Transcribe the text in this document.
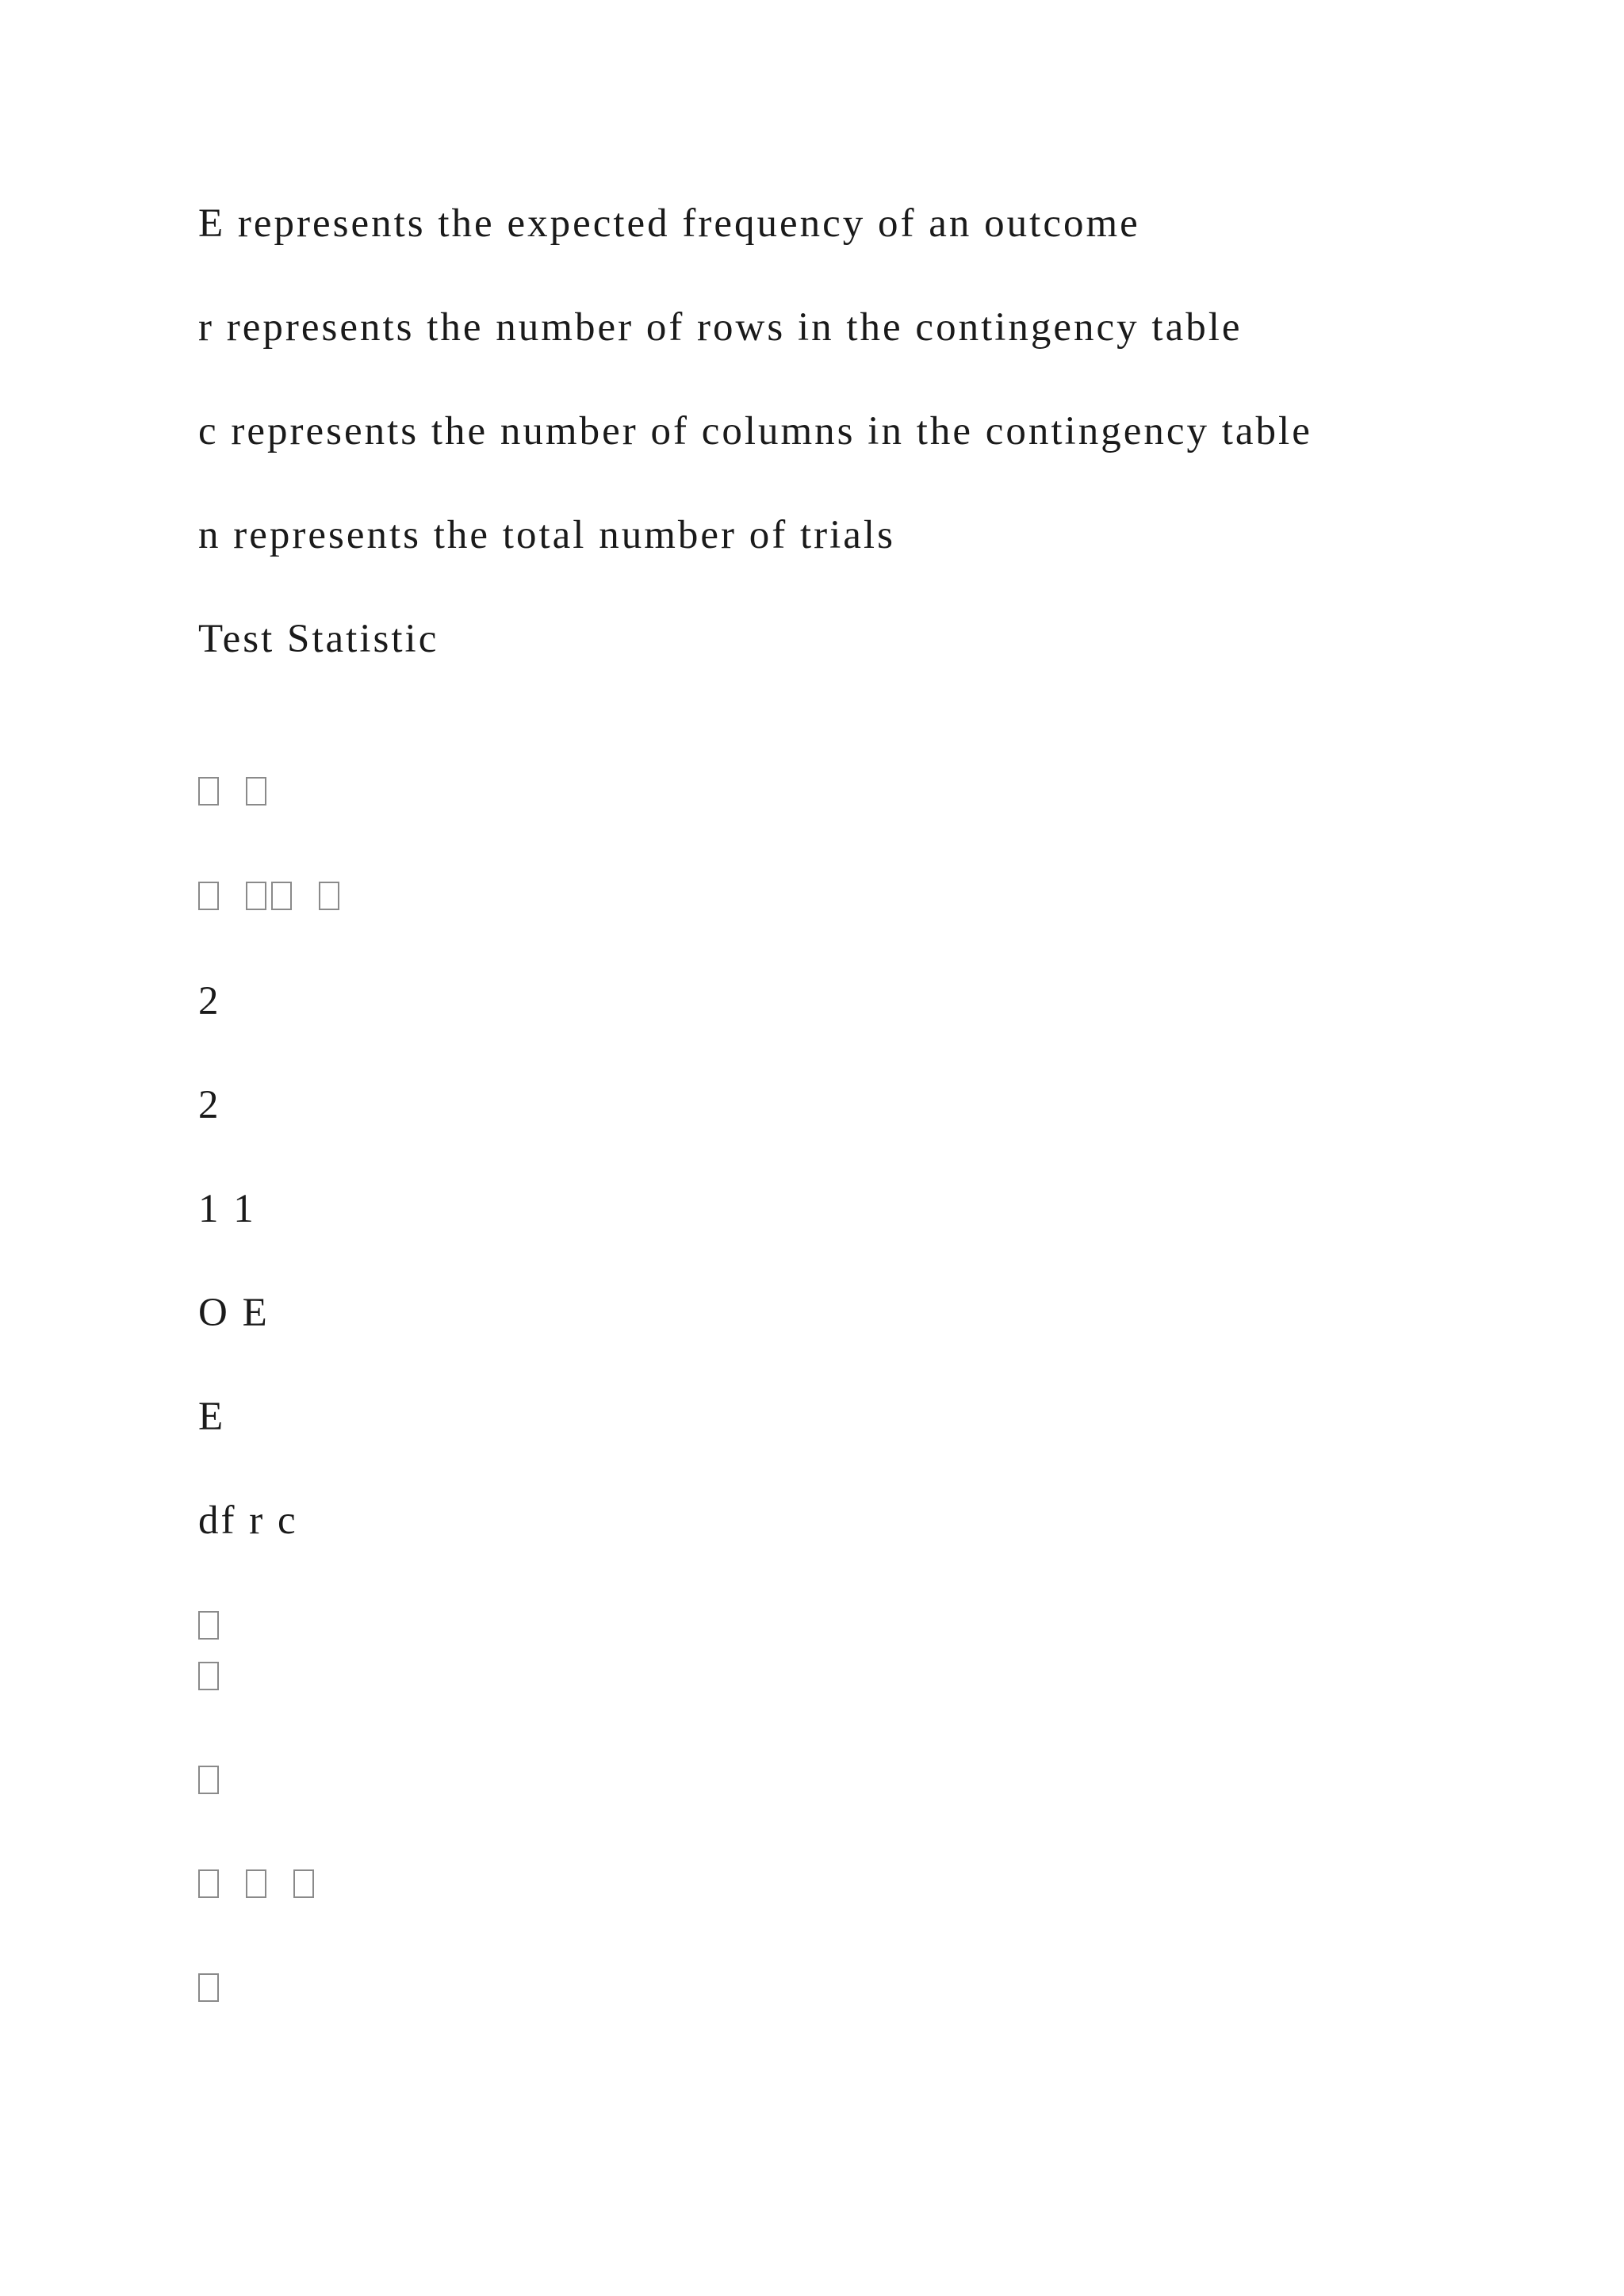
E represents the expected frequency of an outcome

r represents the number of rows in the contingency table

c represents the number of columns in the contingency table

n represents the total number of trials

Test Statistic

2

2

1 1

O E

E

df r c
